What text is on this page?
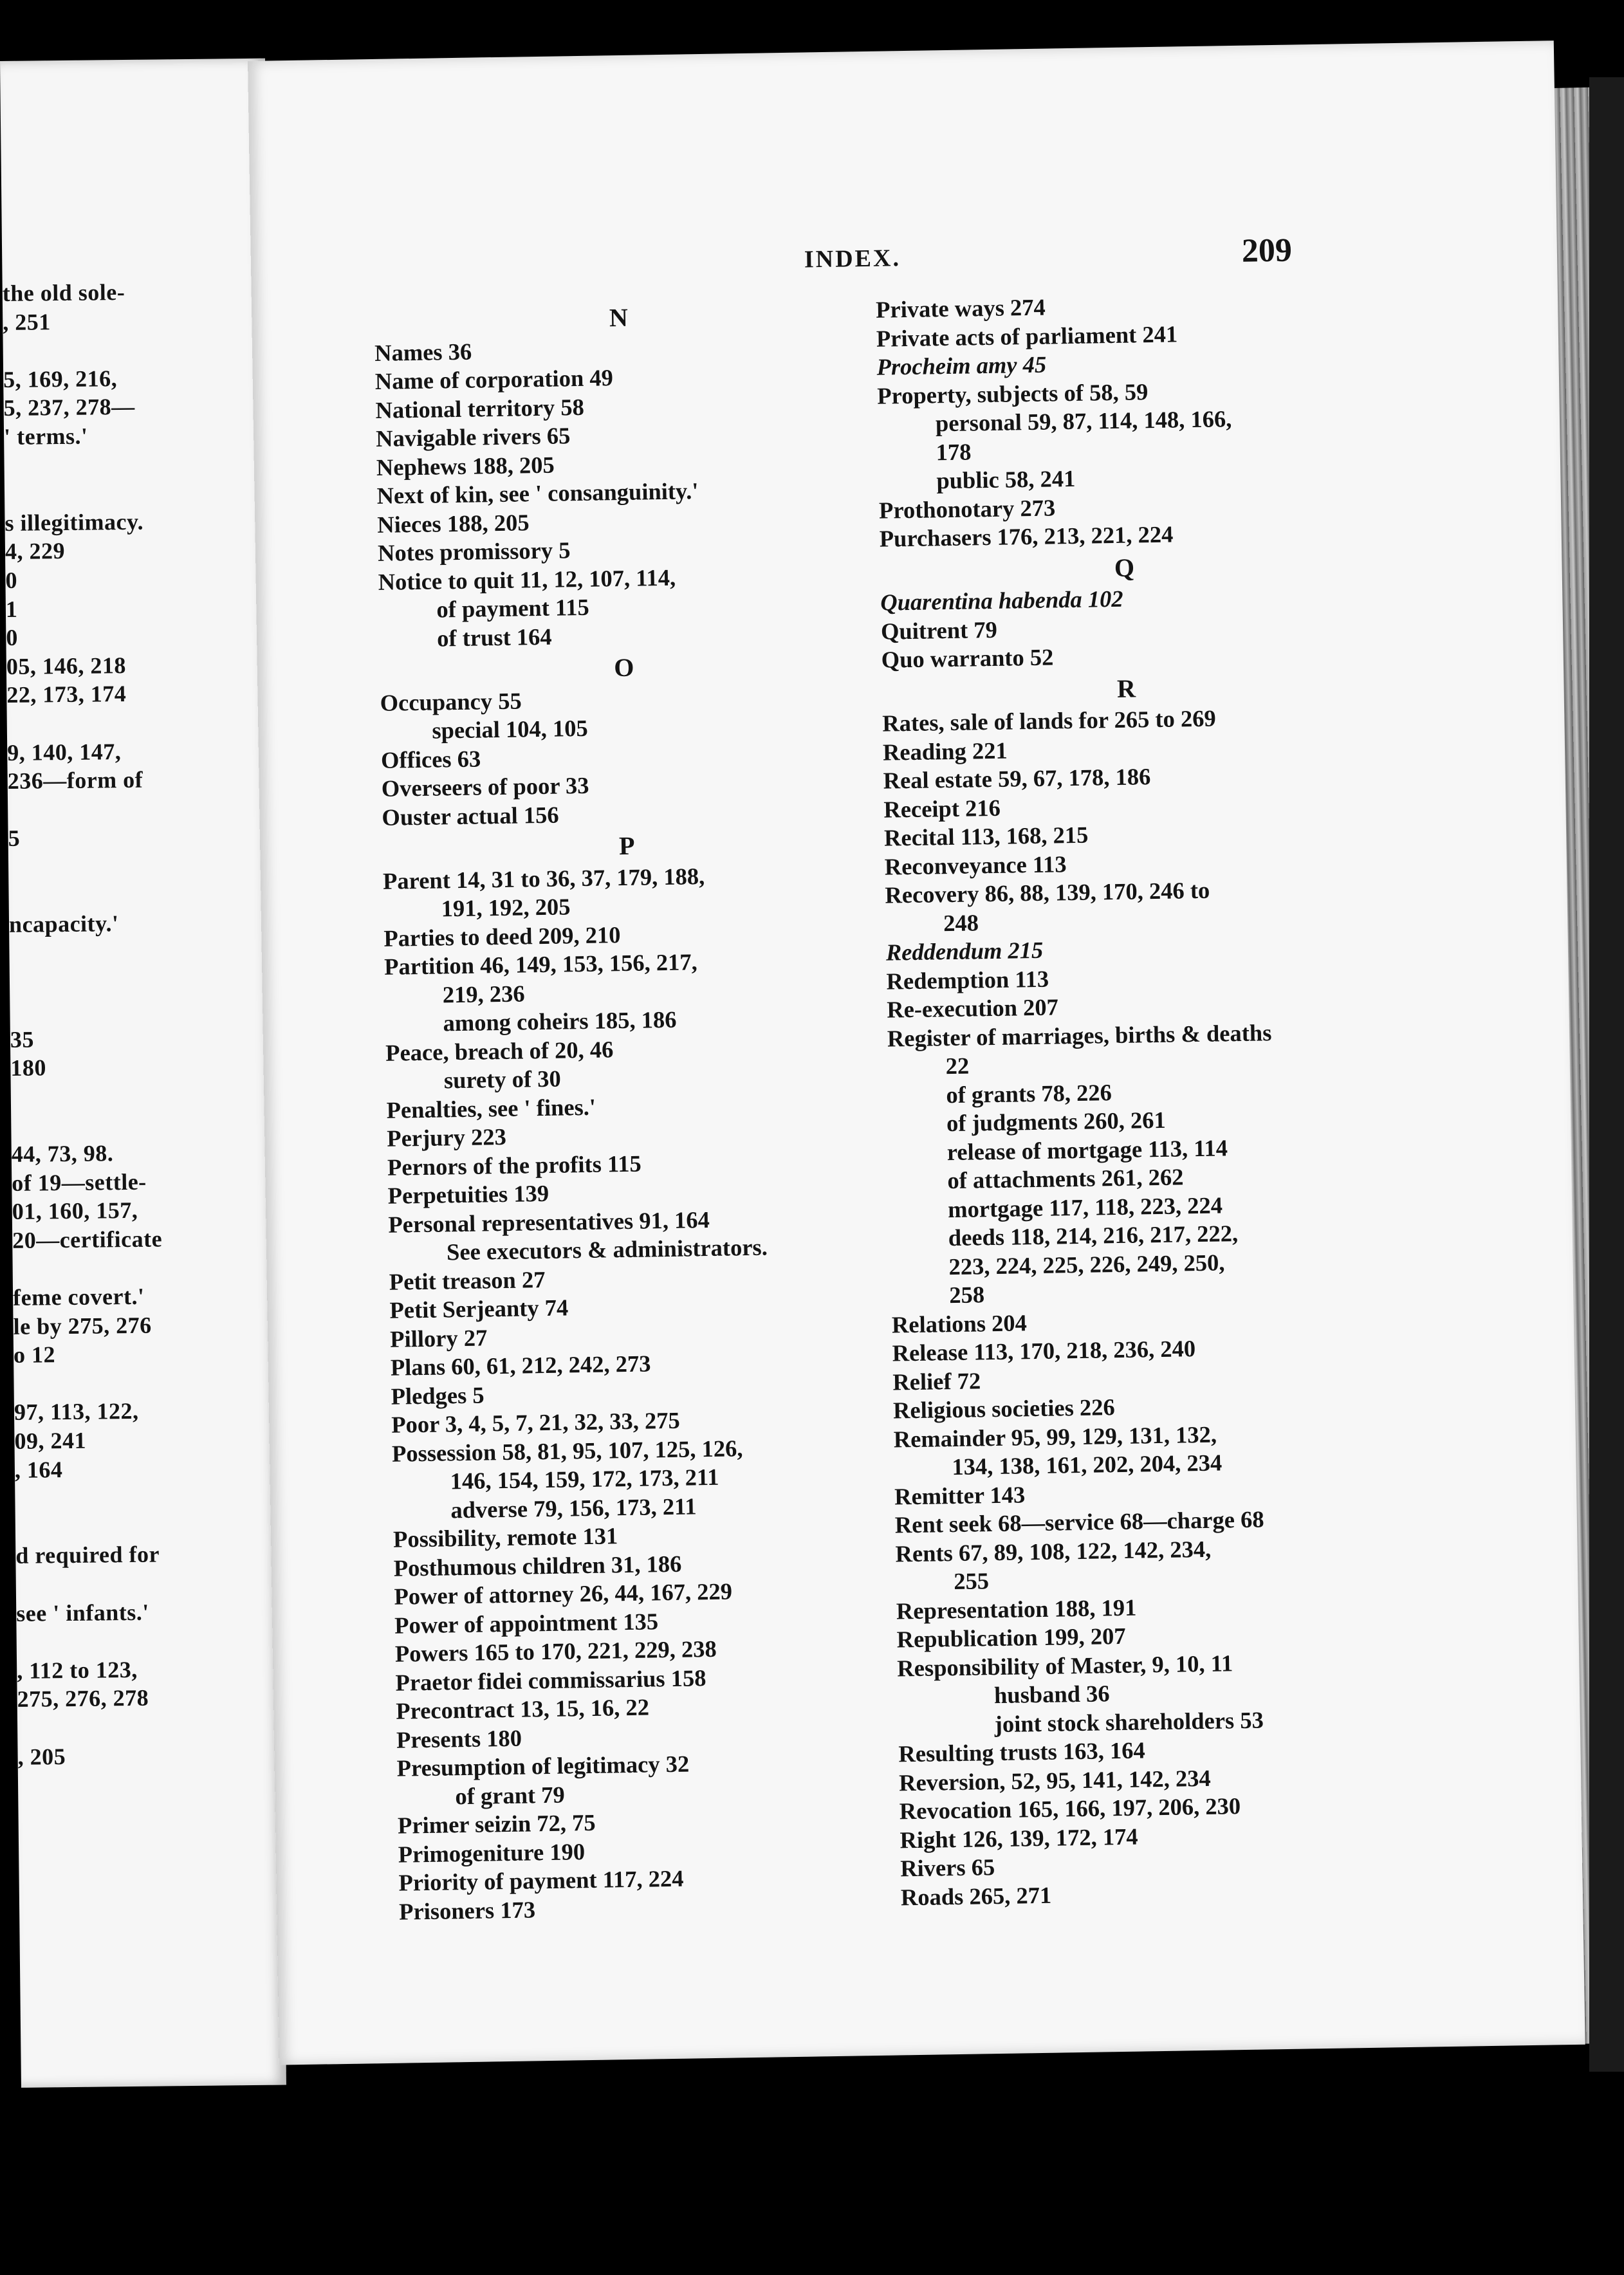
the old sole-
, 251
5, 169, 216,
5, 237, 278—
' terms.'
s illegitimacy.
4, 229
0
1
0
05, 146, 218
22, 173, 174
9, 140, 147,
236—form of
5
ncapacity.'
35
180
44, 73, 98.
of 19—settle-
01, 160, 157,
20—certificate
feme covert.'
le by 275, 276
o 12
97, 113, 122,
09, 241
, 164
d required for
see ' infants.'
, 112 to 123,
275, 276, 278
, 205
INDEX.	209
N
Names 36
Name of corporation 49
National territory 58
Navigable rivers 65
Nephews 188, 205
Next of kin, see ' consanguinity.'
Nieces 188, 205
Notes promissory 5
Notice to quit 11, 12, 107, 114,
of payment 115
of trust 164
O
Occupancy 55
special 104, 105
Offices 63
Overseers of poor 33
Ouster actual 156
P
Parent 14, 31 to 36, 37, 179, 188,
191, 192, 205
Parties to deed 209, 210
Partition 46, 149, 153, 156, 217,
219, 236
among coheirs 185, 186
Peace, breach of 20, 46
surety of 30
Penalties, see ' fines.'
Perjury 223
Pernors of the profits 115
Perpetuities 139
Personal representatives 91, 164
See executors & administrators.
Petit treason 27
Petit Serjeanty 74
Pillory 27
Plans 60, 61, 212, 242, 273
Pledges 5
Poor 3, 4, 5, 7, 21, 32, 33, 275
Possession 58, 81, 95, 107, 125, 126,
146, 154, 159, 172, 173, 211
adverse 79, 156, 173, 211
Possibility, remote 131
Posthumous children 31, 186
Power of attorney 26, 44, 167, 229
Power of appointment 135
Powers 165 to 170, 221, 229, 238
Praetor fidei commissarius 158
Precontract 13, 15, 16, 22
Presents 180
Presumption of legitimacy 32
of grant 79
Primer seizin 72, 75
Primogeniture 190
Priority of payment 117, 224
Prisoners 173
Private ways 274
Private acts of parliament 241
Procheim amy 45
Property, subjects of 58, 59
personal 59, 87, 114, 148, 166,
178
public 58, 241
Prothonotary 273
Purchasers 176, 213, 221, 224
Q
Quarentina habenda 102
Quitrent 79
Quo warranto 52
R
Rates, sale of lands for 265 to 269
Reading 221
Real estate 59, 67, 178, 186
Receipt 216
Recital 113, 168, 215
Reconveyance 113
Recovery 86, 88, 139, 170, 246 to
248
Reddendum 215
Redemption 113
Re-execution 207
Register of marriages, births & deaths
22
of grants 78, 226
of judgments 260, 261
release of mortgage 113, 114
of attachments 261, 262
mortgage 117, 118, 223, 224
deeds 118, 214, 216, 217, 222,
223, 224, 225, 226, 249, 250,
258
Relations 204
Release 113, 170, 218, 236, 240
Relief 72
Religious societies 226
Remainder 95, 99, 129, 131, 132,
134, 138, 161, 202, 204, 234
Remitter 143
Rent seek 68—service 68—charge 68
Rents 67, 89, 108, 122, 142, 234,
255
Representation 188, 191
Republication 199, 207
Responsibility of Master, 9, 10, 11
husband 36
joint stock shareholders 53
Resulting trusts 163, 164
Reversion, 52, 95, 141, 142, 234
Revocation 165, 166, 197, 206, 230
Right 126, 139, 172, 174
Rivers 65
Roads 265, 271
